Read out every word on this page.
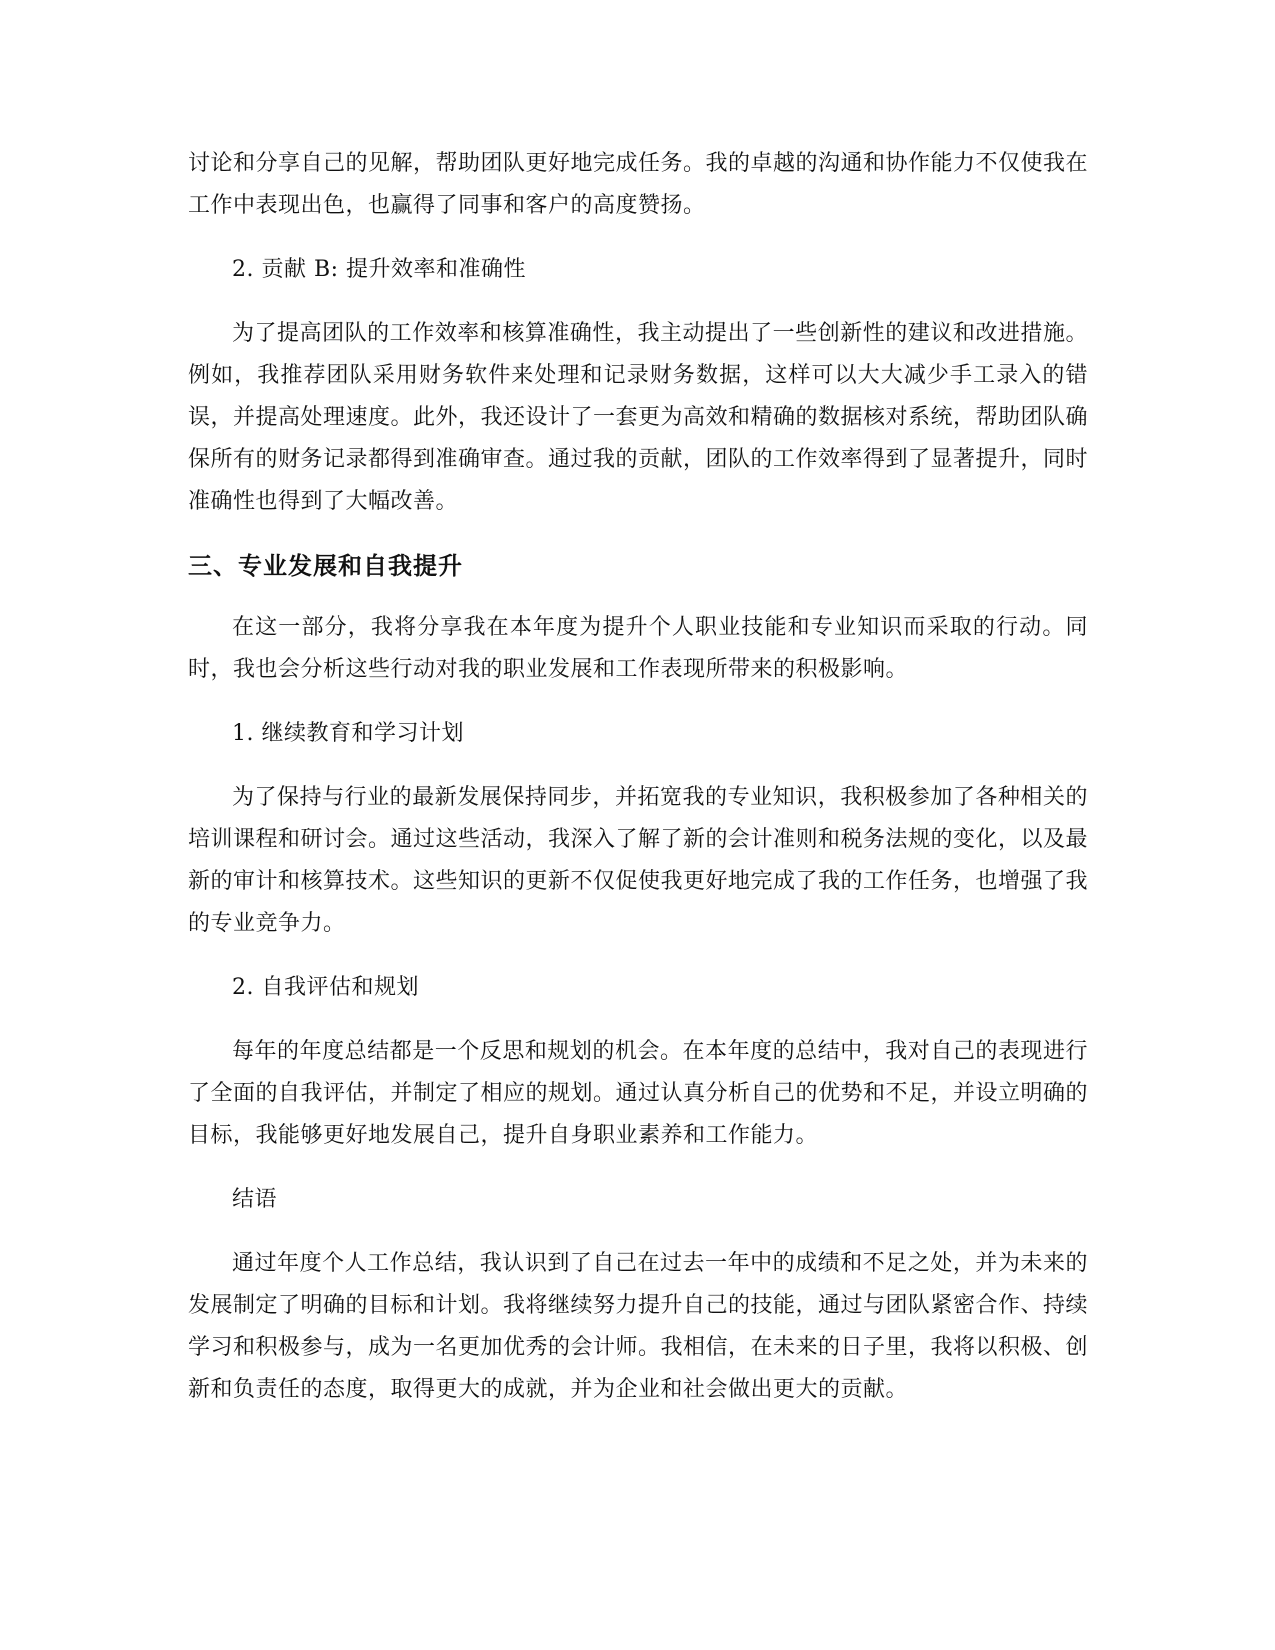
讨论和分享自己的见解，帮助团队更好地完成任务。我的卓越的沟通和协作能力不仅使我在工作中表现出色，也赢得了同事和客户的高度赞扬。

2. 贡献 B: 提升效率和准确性

为了提高团队的工作效率和核算准确性，我主动提出了一些创新性的建议和改进措施。例如，我推荐团队采用财务软件来处理和记录财务数据，这样可以大大减少手工录入的错误，并提高处理速度。此外，我还设计了一套更为高效和精确的数据核对系统，帮助团队确保所有的财务记录都得到准确审查。通过我的贡献，团队的工作效率得到了显著提升，同时准确性也得到了大幅改善。

三、专业发展和自我提升

在这一部分，我将分享我在本年度为提升个人职业技能和专业知识而采取的行动。同时，我也会分析这些行动对我的职业发展和工作表现所带来的积极影响。

1. 继续教育和学习计划

为了保持与行业的最新发展保持同步，并拓宽我的专业知识，我积极参加了各种相关的培训课程和研讨会。通过这些活动，我深入了解了新的会计准则和税务法规的变化，以及最新的审计和核算技术。这些知识的更新不仅促使我更好地完成了我的工作任务，也增强了我的专业竞争力。

2. 自我评估和规划

每年的年度总结都是一个反思和规划的机会。在本年度的总结中，我对自己的表现进行了全面的自我评估，并制定了相应的规划。通过认真分析自己的优势和不足，并设立明确的目标，我能够更好地发展自己，提升自身职业素养和工作能力。

结语

通过年度个人工作总结，我认识到了自己在过去一年中的成绩和不足之处，并为未来的发展制定了明确的目标和计划。我将继续努力提升自己的技能，通过与团队紧密合作、持续学习和积极参与，成为一名更加优秀的会计师。我相信，在未来的日子里，我将以积极、创新和负责任的态度，取得更大的成就，并为企业和社会做出更大的贡献。
